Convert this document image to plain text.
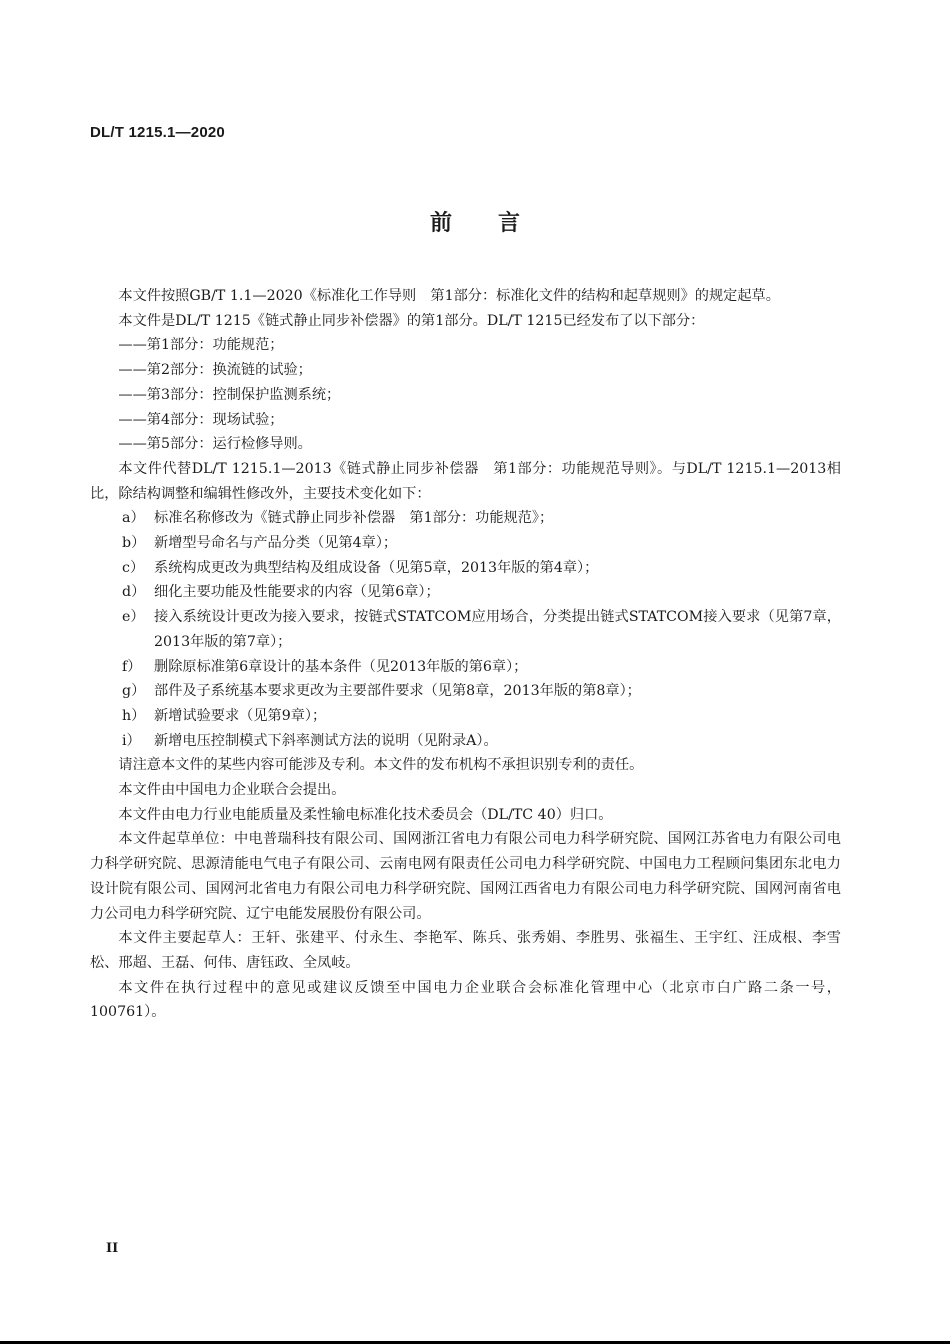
DL/T 1215.1—2020
前言
本文件按照GB/T 1.1—2020《标准化工作导则　第1部分：标准化文件的结构和起草规则》的规定起草。
本文件是DL/T 1215《链式静止同步补偿器》的第1部分。DL/T 1215已经发布了以下部分：
——第1部分：功能规范；
——第2部分：换流链的试验；
——第3部分：控制保护监测系统；
——第4部分：现场试验；
——第5部分：运行检修导则。
本文件代替DL/T 1215.1—2013《链式静止同步补偿器　第1部分：功能规范导则》。与DL/T 1215.1—2013相比，除结构调整和编辑性修改外，主要技术变化如下：
a） 标准名称修改为《链式静止同步补偿器　第1部分：功能规范》；
b） 新增型号命名与产品分类（见第4章）；
c） 系统构成更改为典型结构及组成设备（见第5章，2013年版的第4章）；
d） 细化主要功能及性能要求的内容（见第6章）；
e） 接入系统设计更改为接入要求，按链式STATCOM应用场合，分类提出链式STATCOM接入要求（见第7章，2013年版的第7章）；
f） 删除原标准第6章设计的基本条件（见2013年版的第6章）；
g） 部件及子系统基本要求更改为主要部件要求（见第8章，2013年版的第8章）；
h） 新增试验要求（见第9章）；
i） 新增电压控制模式下斜率测试方法的说明（见附录A）。
请注意本文件的某些内容可能涉及专利。本文件的发布机构不承担识别专利的责任。
本文件由中国电力企业联合会提出。
本文件由电力行业电能质量及柔性输电标准化技术委员会（DL/TC 40）归口。
本文件起草单位：中电普瑞科技有限公司、国网浙江省电力有限公司电力科学研究院、国网江苏省电力有限公司电力科学研究院、思源清能电气电子有限公司、云南电网有限责任公司电力科学研究院、中国电力工程顾问集团东北电力设计院有限公司、国网河北省电力有限公司电力科学研究院、国网江西省电力有限公司电力科学研究院、国网河南省电力公司电力科学研究院、辽宁电能发展股份有限公司。
本文件主要起草人：王轩、张建平、付永生、李艳军、陈兵、张秀娟、李胜男、张福生、王宇红、汪成根、李雪松、邢超、王磊、何伟、唐钰政、全凤岐。
本文件在执行过程中的意见或建议反馈至中国电力企业联合会标准化管理中心（北京市白广路二条一号，100761）。
II
